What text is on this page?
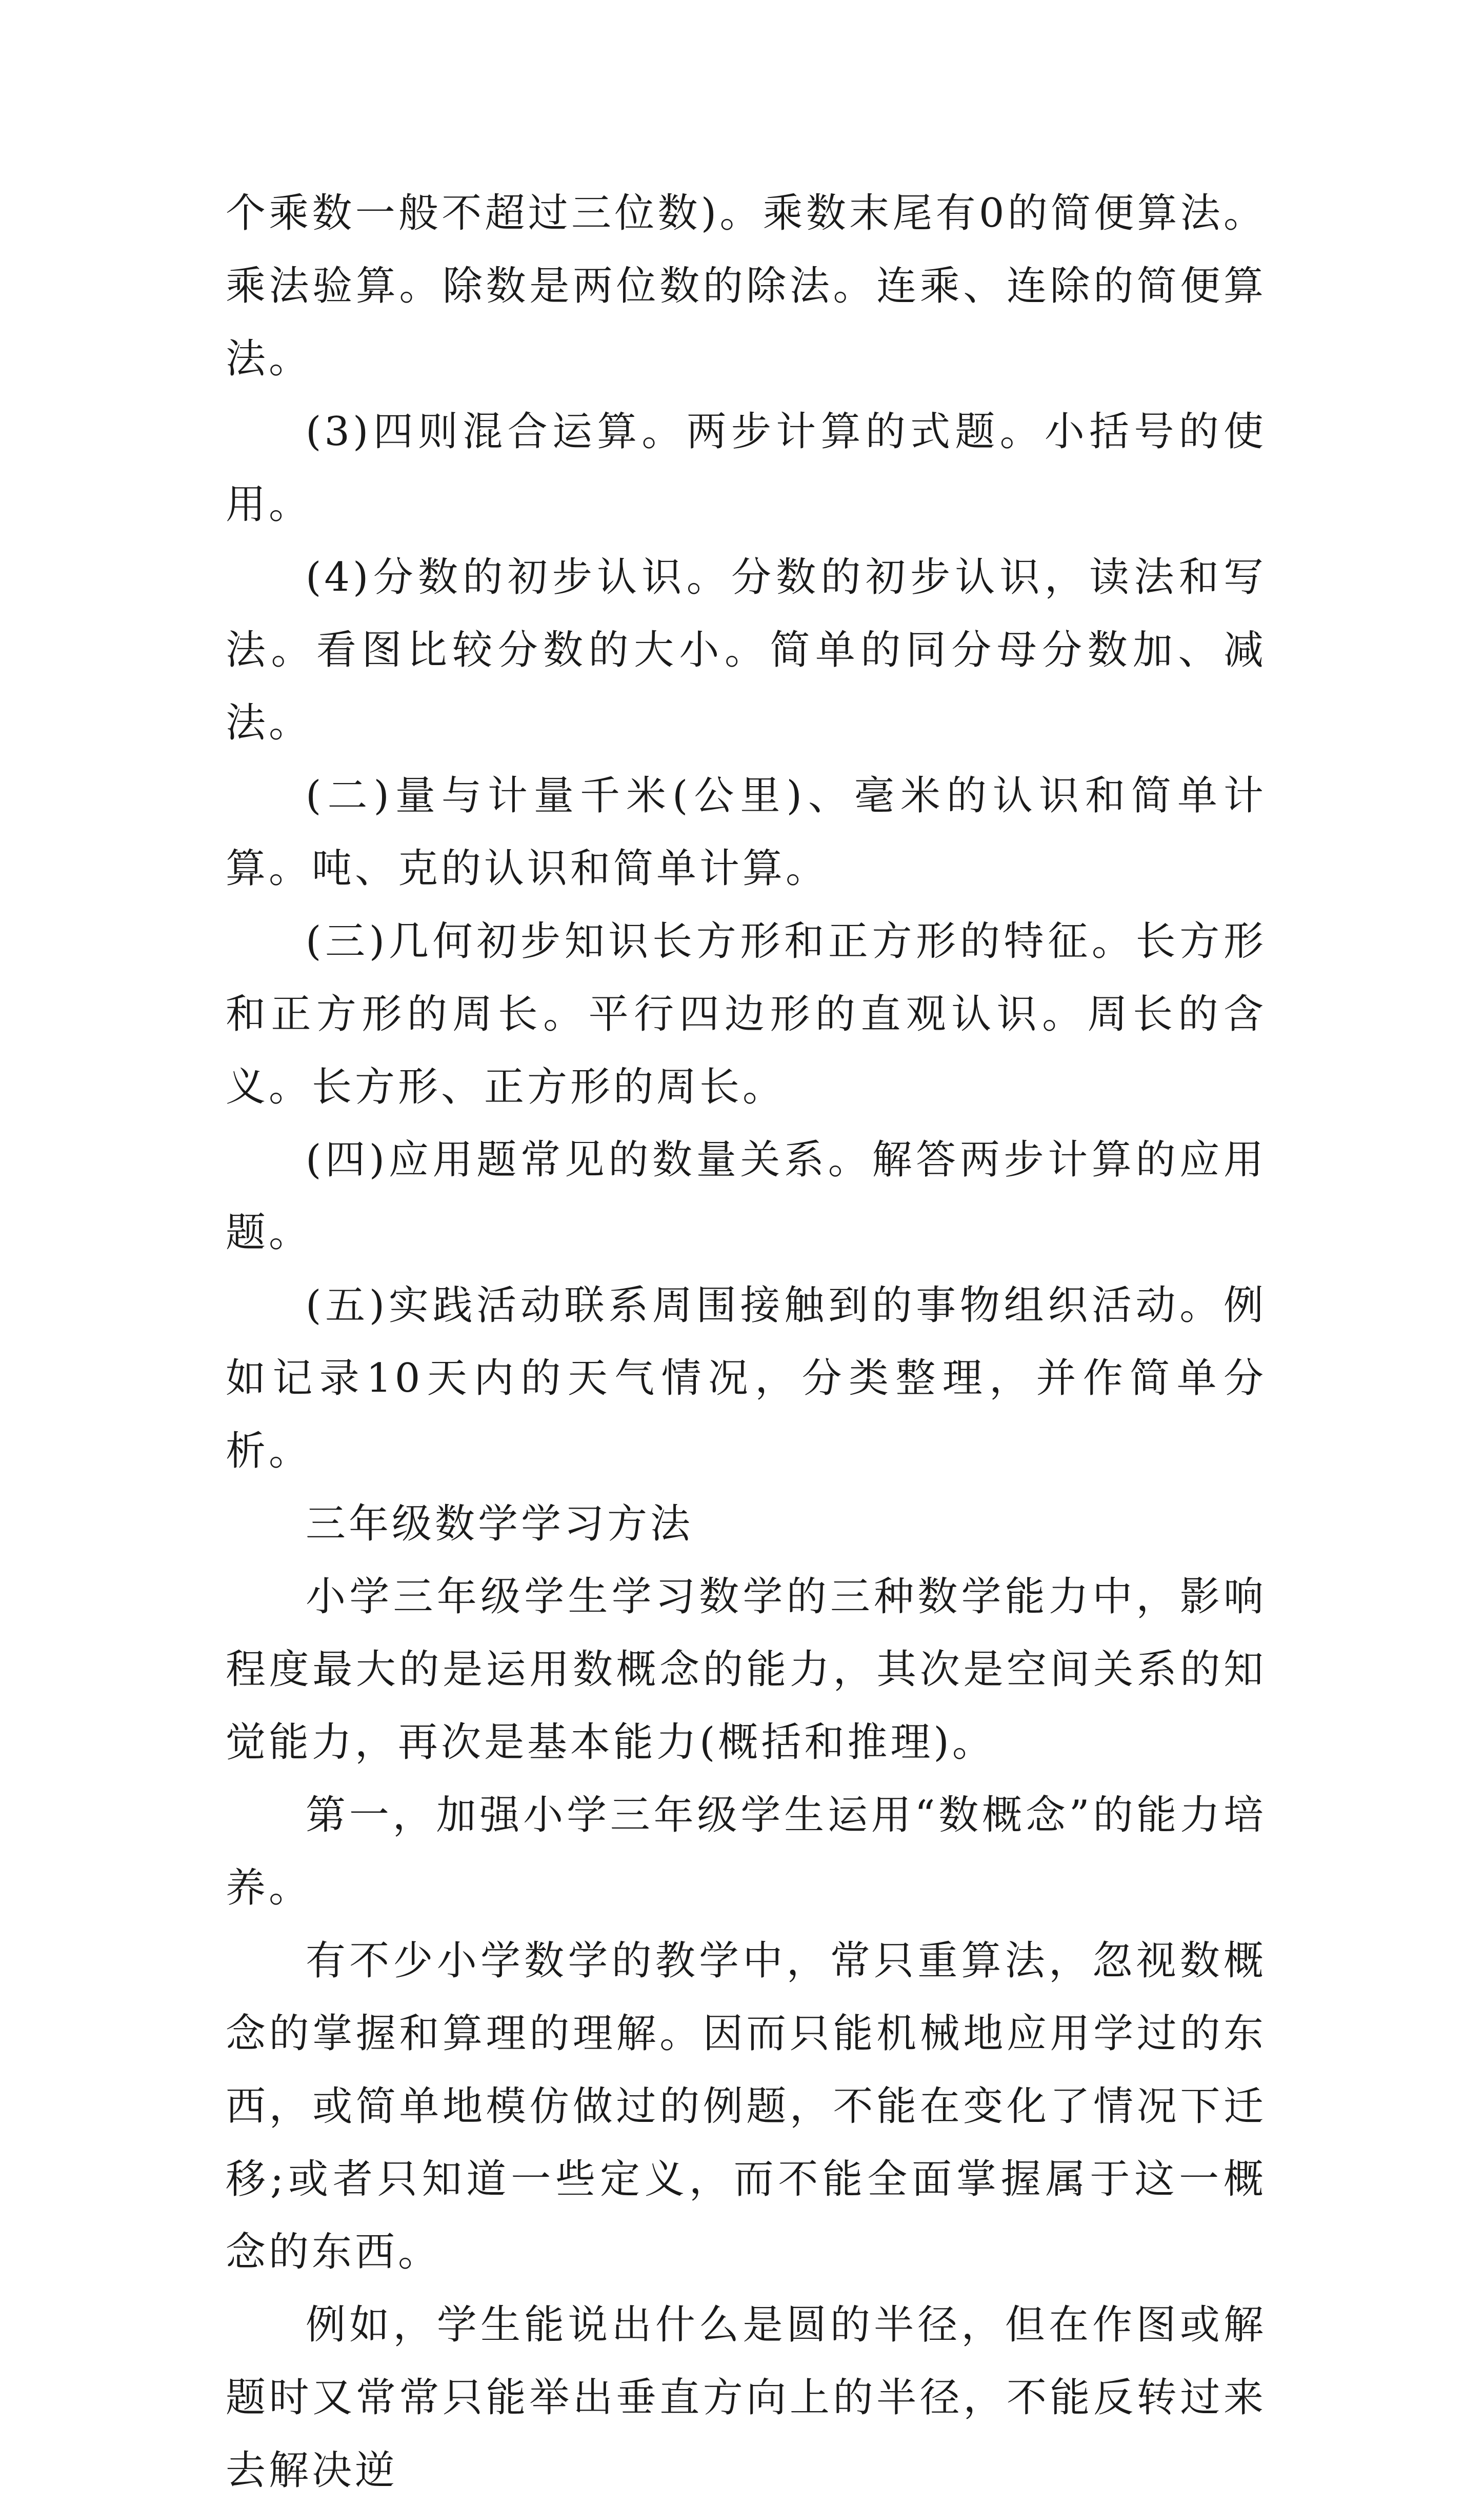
个乘数一般不超过三位数)。乘数末尾有0的简便算法。乘法验算。除数是两位数的除法。连乘、连除的简便算法。

(3)四则混合运算。两步计算的式题。小括号的使用。

(4)分数的初步认识。分数的初步认识，读法和写法。看图比较分数的大小。简单的同分母分数加、减法。

(二)量与计量千米(公里)、毫米的认识和简单计算。吨、克的认识和简单计算。

(三)几何初步知识长方形和正方形的特征。长方形和正方形的周长。平行四边形的直观认识。周长的含义。长方形、正方形的周长。

(四)应用题常见的数量关系。解答两步计算的应用题。

(五)实践活动联系周围接触到的事物组织活动。例如记录10天内的天气情况，分类整理，并作简单分析。

三年级数学学习方法

小学三年级学生学习数学的三种数学能力中，影响程度最大的是运用数概念的能力，其次是空间关系的知觉能力，再次是基本能力(概括和推理)。

第一，加强小学三年级学生运用“数概念”的能力培养。

有不少小学数学的教学中，常只重算法，忽视数概念的掌握和算理的理解。因而只能机械地应用学过的东西，或简单地模仿做过的例题，不能在变化了情况下迁移;或者只知道一些定义，而不能全面掌握属于这一概念的东西。

例如，学生能说出什么是圆的半径，但在作图或解题时又常常只能举出垂直方向上的半径，不能反转过来去解决逆
